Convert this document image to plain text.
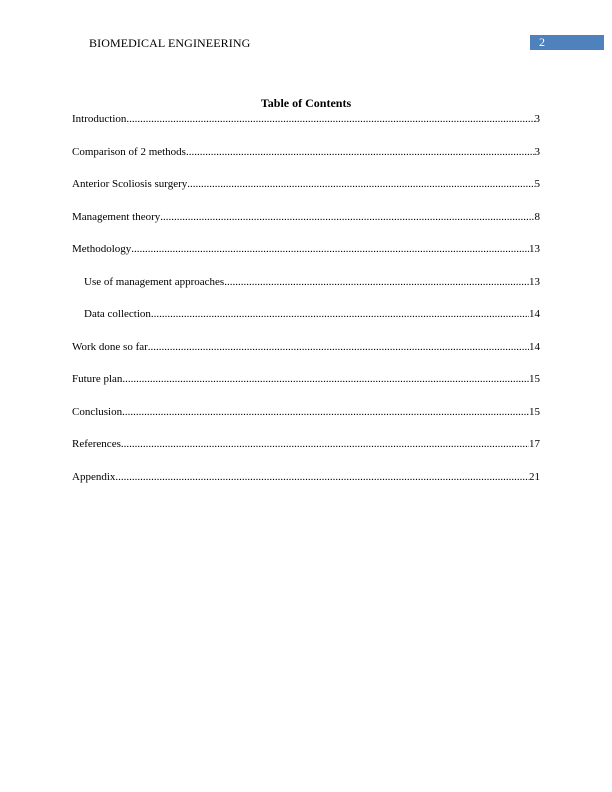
BIOMEDICAL ENGINEERING	2
Table of Contents
Introduction .....	3
Comparison of 2 methods .....	3
Anterior Scoliosis surgery .....	5
Management theory .....	8
Methodology .....	13
Use of management approaches .....	13
Data collection .....	14
Work done so far .....	14
Future plan .....	15
Conclusion .....	15
References .....	17
Appendix .....	21
